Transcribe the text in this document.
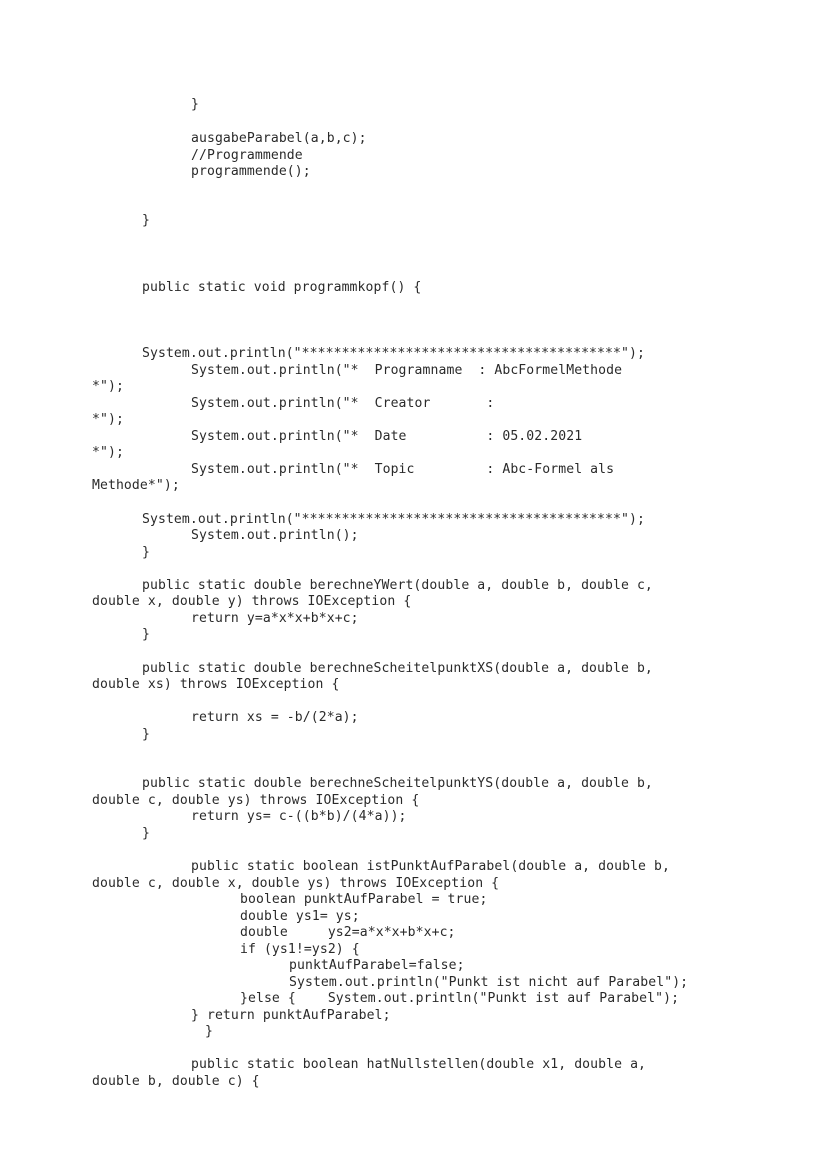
}

ausgabeParabel(a,b,c);

//Programmende

programmende();

}

public static void programmkopf() {

System.out.println("****************************************");

System.out.println("*  Programname  : AbcFormelMethode

*");

System.out.println("*  Creator       :

*");

System.out.println("*  Date          : 05.02.2021

*");

System.out.println("*  Topic         : Abc-Formel als

Methode*");

System.out.println("****************************************");

System.out.println();

}

public static double berechneYWert(double a, double b, double c,

double x, double y) throws IOException {

return y=a*x*x+b*x+c;

}

public static double berechneScheitelpunktXS(double a, double b,

double xs) throws IOException {

return xs = -b/(2*a);

}

public static double berechneScheitelpunktYS(double a, double b,

double c, double ys) throws IOException {

return ys= c-((b*b)/(4*a));

}

public static boolean istPunktAufParabel(double a, double b,

double c, double x, double ys) throws IOException {

boolean punktAufParabel = true;

double ys1= ys;

double     ys2=a*x*x+b*x+c;

if (ys1!=ys2) {

punktAufParabel=false;

System.out.println("Punkt ist nicht auf Parabel");

}else {    System.out.println("Punkt ist auf Parabel");

} return punktAufParabel;

}

public static boolean hatNullstellen(double x1, double a,

double b, double c) {
